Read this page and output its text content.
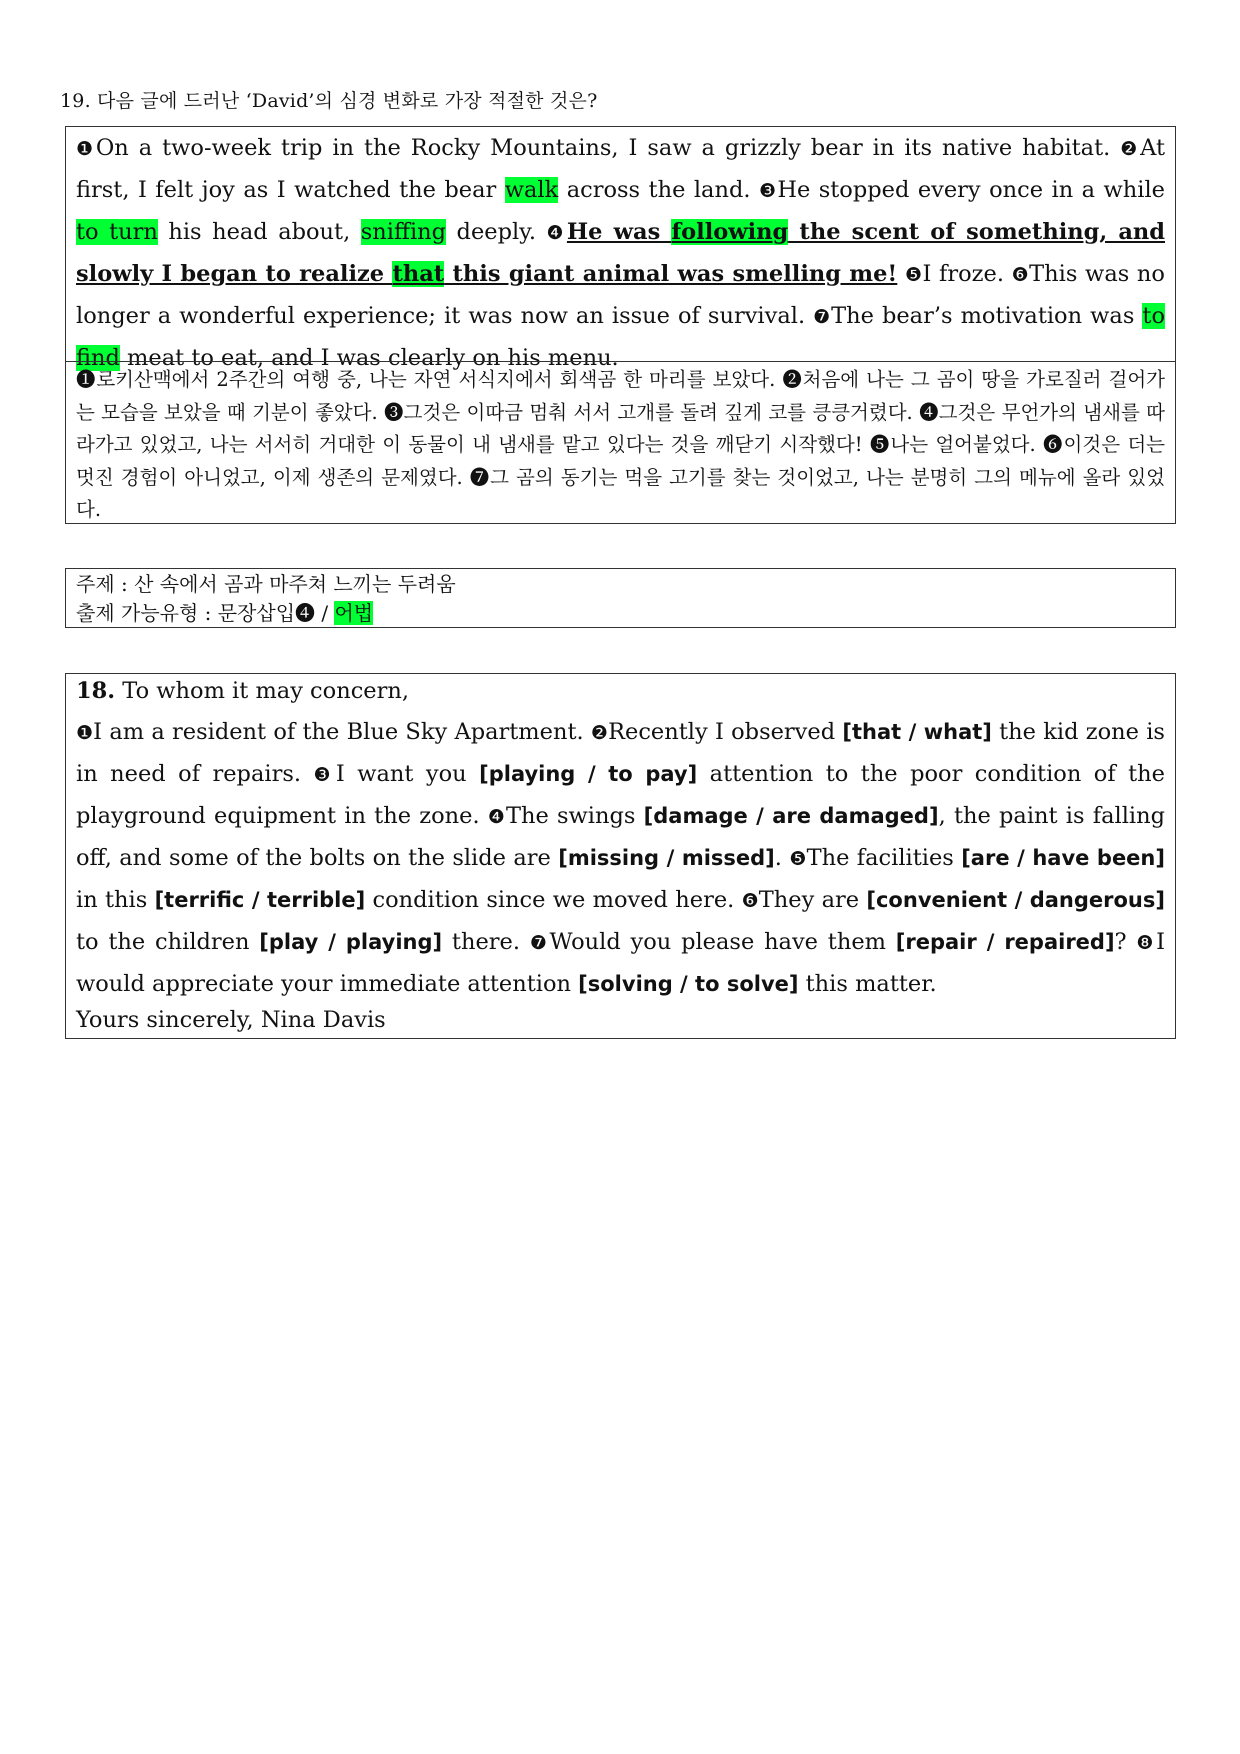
19. 다음 글에 드러난 ‘David’의 심경 변화로 가장 적절한 것은?
❶On a two-week trip in the Rocky Mountains, I saw a grizzly bear in its native habitat. ❷At first, I felt joy as I watched the bear walk across the land. ❸He stopped every once in a while to turn his head about, sniffing deeply. ❹He was following the scent of something, and slowly I began to realize that this giant animal was smelling me! ❺I froze. ❻This was no longer a wonderful experience; it was now an issue of survival. ❼The bear’s motivation was to find meat to eat, and I was clearly on his menu.
❶로키산맥에서 2주간의 여행 중, 나는 자연 서식지에서 회색곰 한 마리를 보았다. ❷처음에 나는 그 곰이 땅을 가로질러 걸어가는 모습을 보았을 때 기분이 좋았다. ❸그것은 이따금 멈춰 서서 고개를 돌려 깊게 코를 킁킁거렸다. ❹그것은 무언가의 냄새를 따라가고 있었고, 나는 서서히 거대한 이 동물이 내 냄새를 맡고 있다는 것을 깨닫기 시작했다! ❺나는 얼어붙었다. ❻이것은 더는 멋진 경험이 아니었고, 이제 생존의 문제였다. ❼그 곰의 동기는 먹을 고기를 찾는 것이었고, 나는 분명히 그의 메뉴에 올라 있었다.
주제 : 산 속에서 곰과 마주쳐 느끼는 두려움
출제 가능유형 : 문장삽입❹ / 어법
18. To whom it may concern,
❶I am a resident of the Blue Sky Apartment. ❷Recently I observed [that / what] the kid zone is in need of repairs. ❸I want you [playing / to pay] attention to the poor condition of the playground equipment in the zone. ❹The swings [damage / are damaged], the paint is falling off, and some of the bolts on the slide are [missing / missed]. ❺The facilities [are / have been] in this [terrific / terrible] condition since we moved here. ❻They are [convenient / dangerous] to the children [play / playing] there. ❼Would you please have them [repair / repaired]? ❽I would appreciate your immediate attention [solving / to solve] this matter.
Yours sincerely, Nina Davis
